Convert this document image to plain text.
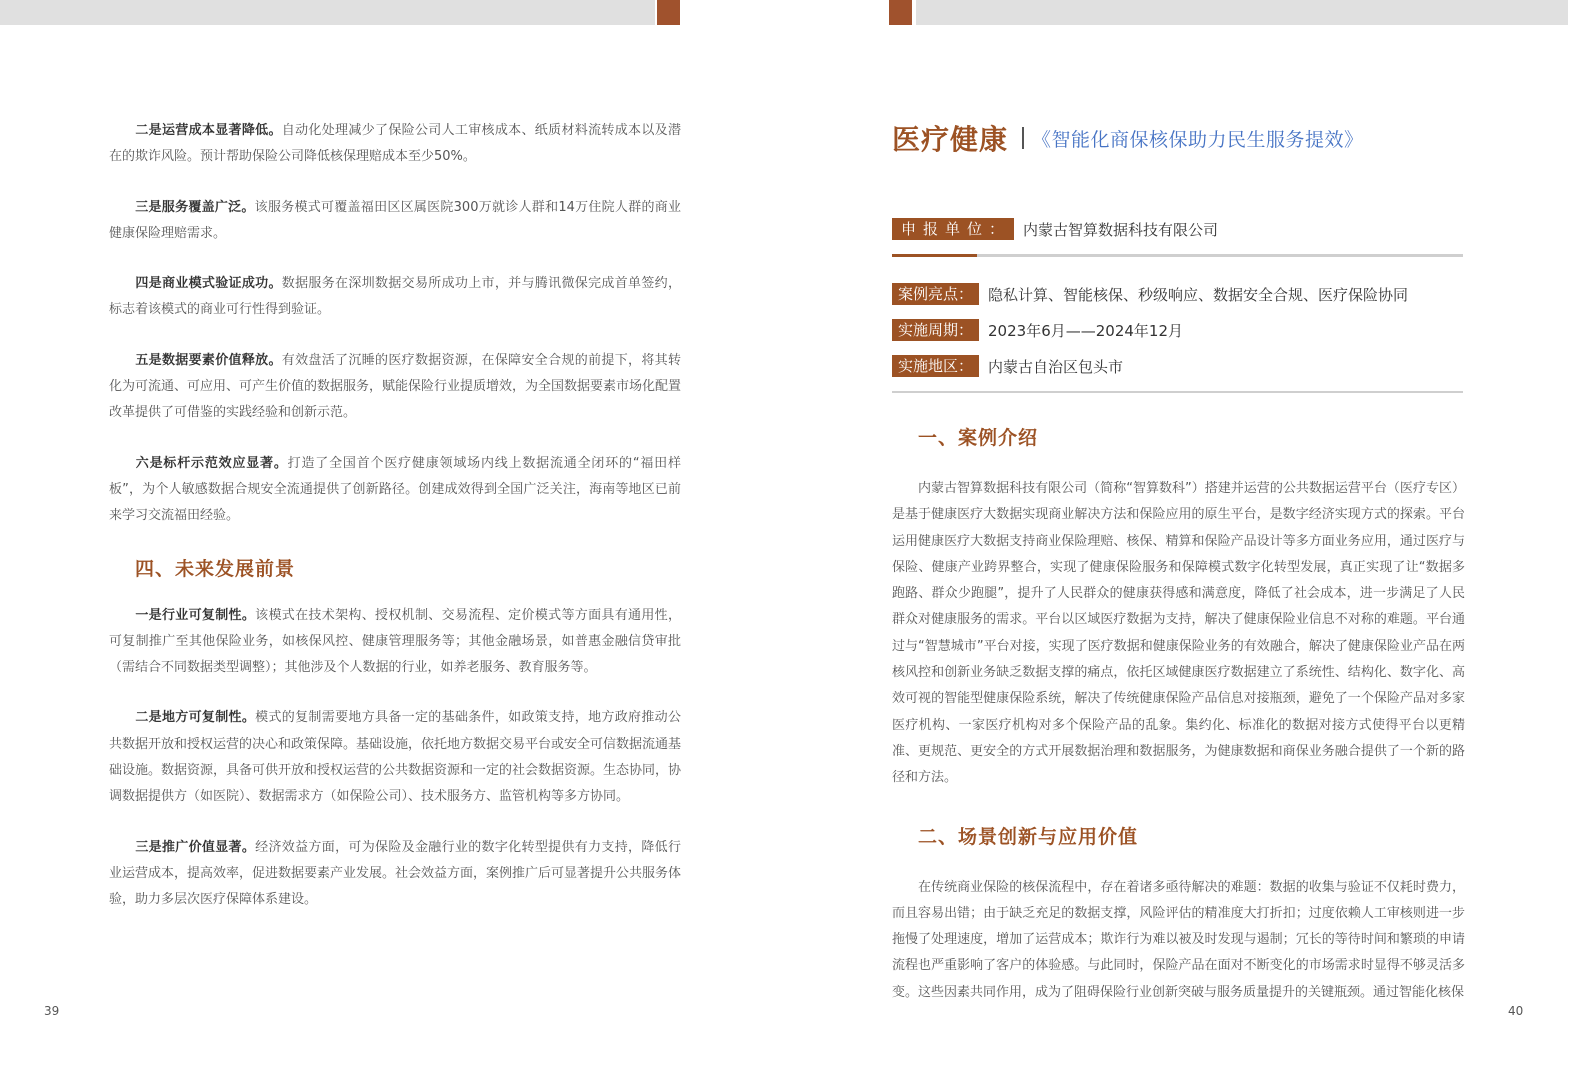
二是运营成本显著降低。自动化处理减少了保险公司人工审核成本、纸质材料流转成本以及潜在的欺诈风险。预计帮助保险公司降低核保理赔成本至少50%。

三是服务覆盖广泛。该服务模式可覆盖福田区区属医院300万就诊人群和14万住院人群的商业健康保险理赔需求。

四是商业模式验证成功。数据服务在深圳数据交易所成功上市，并与腾讯微保完成首单签约，标志着该模式的商业可行性得到验证。

五是数据要素价值释放。有效盘活了沉睡的医疗数据资源，在保障安全合规的前提下，将其转化为可流通、可应用、可产生价值的数据服务，赋能保险行业提质增效，为全国数据要素市场化配置改革提供了可借鉴的实践经验和创新示范。

六是标杆示范效应显著。打造了全国首个医疗健康领域场内线上数据流通全闭环的“福田样板”，为个人敏感数据合规安全流通提供了创新路径。创建成效得到全国广泛关注，海南等地区已前来学习交流福田经验。

四、未来发展前景

一是行业可复制性。该模式在技术架构、授权机制、交易流程、定价模式等方面具有通用性，可复制推广至其他保险业务，如核保风控、健康管理服务等；其他金融场景，如普惠金融信贷审批（需结合不同数据类型调整）；其他涉及个人数据的行业，如养老服务、教育服务等。

二是地方可复制性。模式的复制需要地方具备一定的基础条件，如政策支持，地方政府推动公共数据开放和授权运营的决心和政策保障。基础设施，依托地方数据交易平台或安全可信数据流通基础设施。数据资源，具备可供开放和授权运营的公共数据资源和一定的社会数据资源。生态协同，协调数据提供方（如医院）、数据需求方（如保险公司）、技术服务方、监管机构等多方协同。

三是推广价值显著。经济效益方面，可为保险及金融行业的数字化转型提供有力支持，降低行业运营成本，提高效率，促进数据要素产业发展。社会效益方面，案例推广后可显著提升公共服务体验，助力多层次医疗保障体系建设。

39
医疗健康 《智能化商保核保助力民生服务提效》
申报单位： 内蒙古智算数据科技有限公司
案例亮点：	隐私计算、智能核保、秒级响应、数据安全合规、医疗保险协同
实施周期：	2023年6月——2024年12月
实施地区：	内蒙古自治区包头市
一、案例介绍

内蒙古智算数据科技有限公司（简称“智算数科”）搭建并运营的公共数据运营平台（医疗专区）是基于健康医疗大数据实现商业解决方法和保险应用的原生平台，是数字经济实现方式的探索。平台运用健康医疗大数据支持商业保险理赔、核保、精算和保险产品设计等多方面业务应用，通过医疗与保险、健康产业跨界整合，实现了健康保险服务和保障模式数字化转型发展，真正实现了让“数据多跑路、群众少跑腿”，提升了人民群众的健康获得感和满意度，降低了社会成本，进一步满足了人民群众对健康服务的需求。平台以区域医疗数据为支持，解决了健康保险业信息不对称的难题。平台通过与“智慧城市”平台对接，实现了医疗数据和健康保险业务的有效融合，解决了健康保险业产品在两核风控和创新业务缺乏数据支撑的痛点，依托区域健康医疗数据建立了系统性、结构化、数字化、高效可视的智能型健康保险系统，解决了传统健康保险产品信息对接瓶颈，避免了一个保险产品对多家医疗机构、一家医疗机构对多个保险产品的乱象。集约化、标准化的数据对接方式使得平台以更精准、更规范、更安全的方式开展数据治理和数据服务，为健康数据和商保业务融合提供了一个新的路径和方法。

二、场景创新与应用价值

在传统商业保险的核保流程中，存在着诸多亟待解决的难题：数据的收集与验证不仅耗时费力，而且容易出错；由于缺乏充足的数据支撑，风险评估的精准度大打折扣；过度依赖人工审核则进一步拖慢了处理速度，增加了运营成本；欺诈行为难以被及时发现与遏制；冗长的等待时间和繁琐的申请流程也严重影响了客户的体验感。与此同时，保险产品在面对不断变化的市场需求时显得不够灵活多变。这些因素共同作用，成为了阻碍保险行业创新突破与服务质量提升的关键瓶颈。通过智能化核保

40
